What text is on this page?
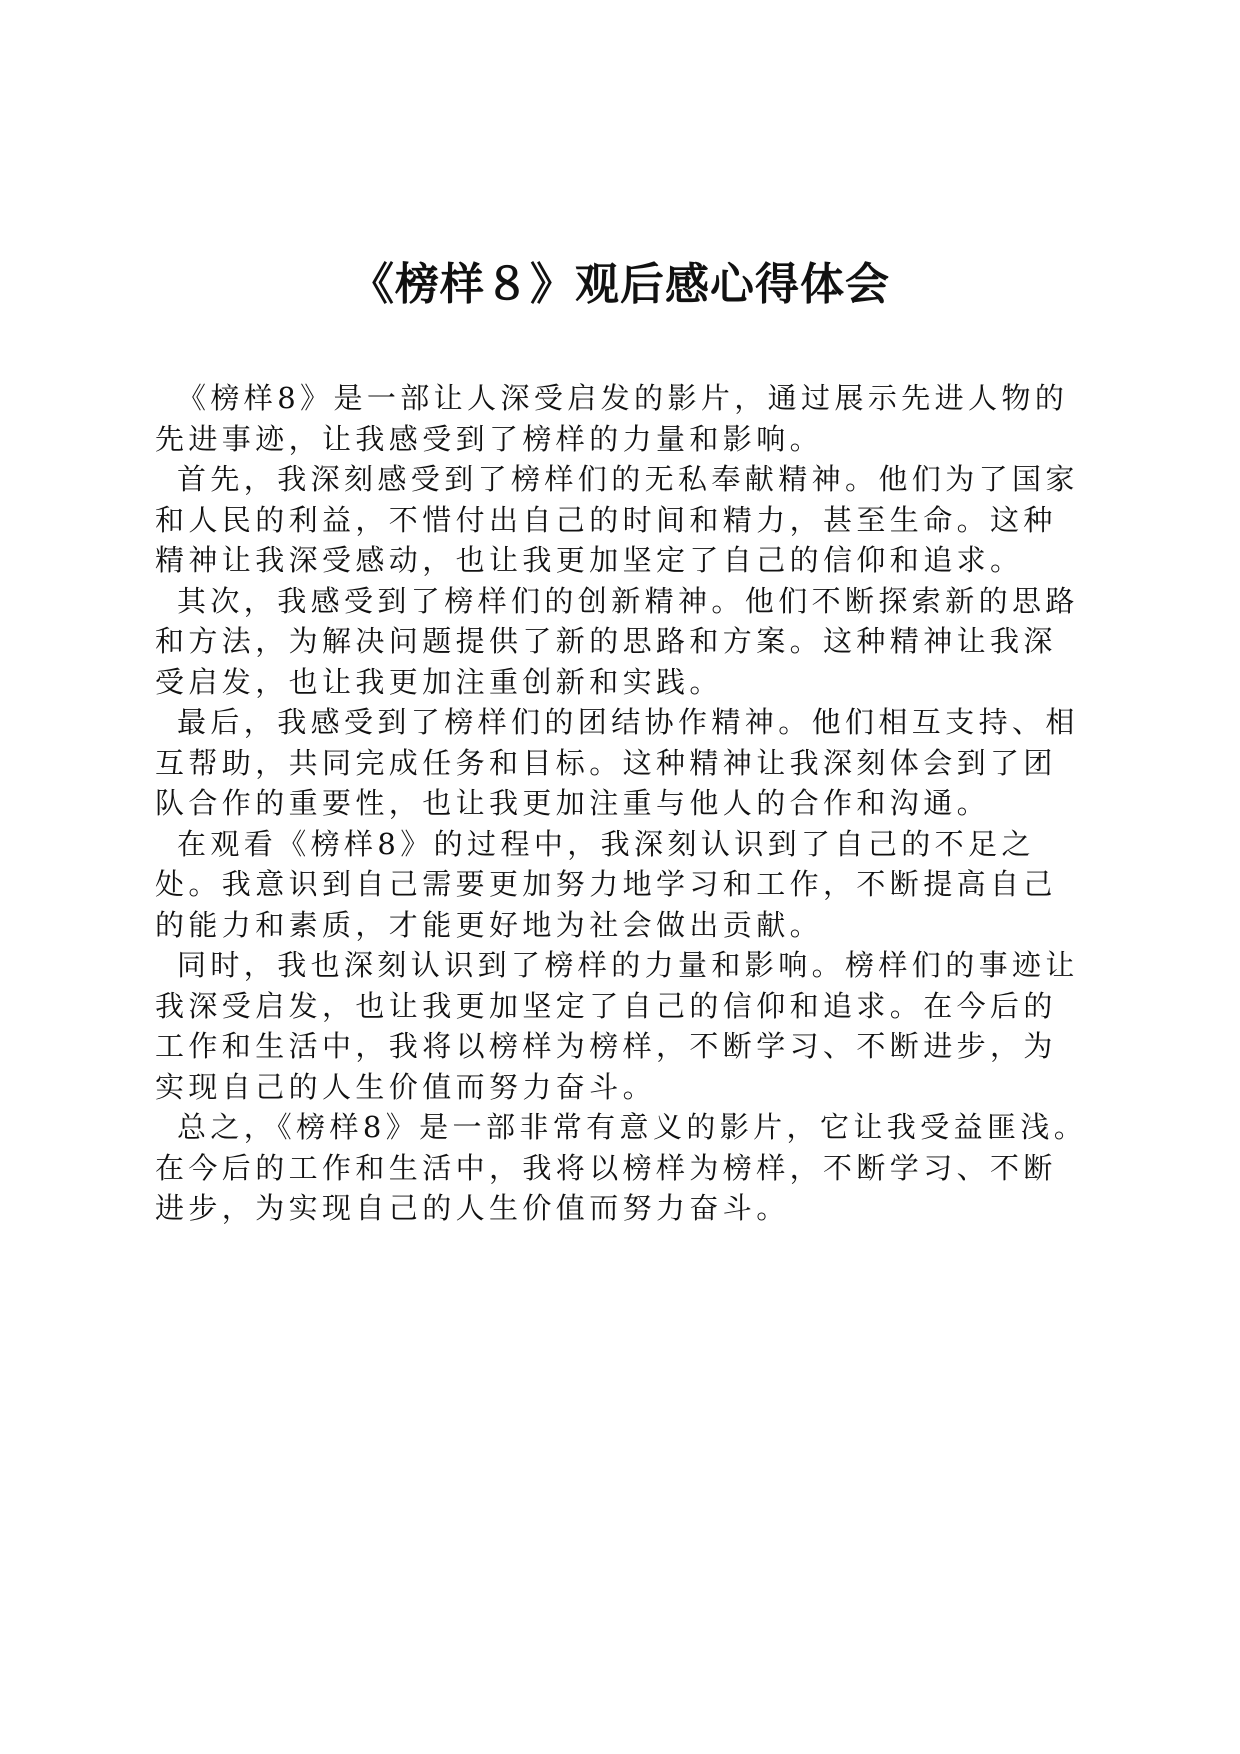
《榜样８》观后感心得体会

《榜样8》是一部让人深受启发的影片，通过展示先进人物的先进事迹，让我感受到了榜样的力量和影响。

首先，我深刻感受到了榜样们的无私奉献精神。他们为了国家和人民的利益，不惜付出自己的时间和精力，甚至生命。这种精神让我深受感动，也让我更加坚定了自己的信仰和追求。

其次，我感受到了榜样们的创新精神。他们不断探索新的思路和方法，为解决问题提供了新的思路和方案。这种精神让我深受启发，也让我更加注重创新和实践。

最后，我感受到了榜样们的团结协作精神。他们相互支持、相互帮助，共同完成任务和目标。这种精神让我深刻体会到了团队合作的重要性，也让我更加注重与他人的合作和沟通。

在观看《榜样8》的过程中，我深刻认识到了自己的不足之处。我意识到自己需要更加努力地学习和工作，不断提高自己的能力和素质，才能更好地为社会做出贡献。

同时，我也深刻认识到了榜样的力量和影响。榜样们的事迹让我深受启发，也让我更加坚定了自己的信仰和追求。在今后的工作和生活中，我将以榜样为榜样，不断学习、不断进步，为实现自己的人生价值而努力奋斗。

总之，《榜样8》是一部非常有意义的影片，它让我受益匪浅。在今后的工作和生活中，我将以榜样为榜样，不断学习、不断进步，为实现自己的人生价值而努力奋斗。
